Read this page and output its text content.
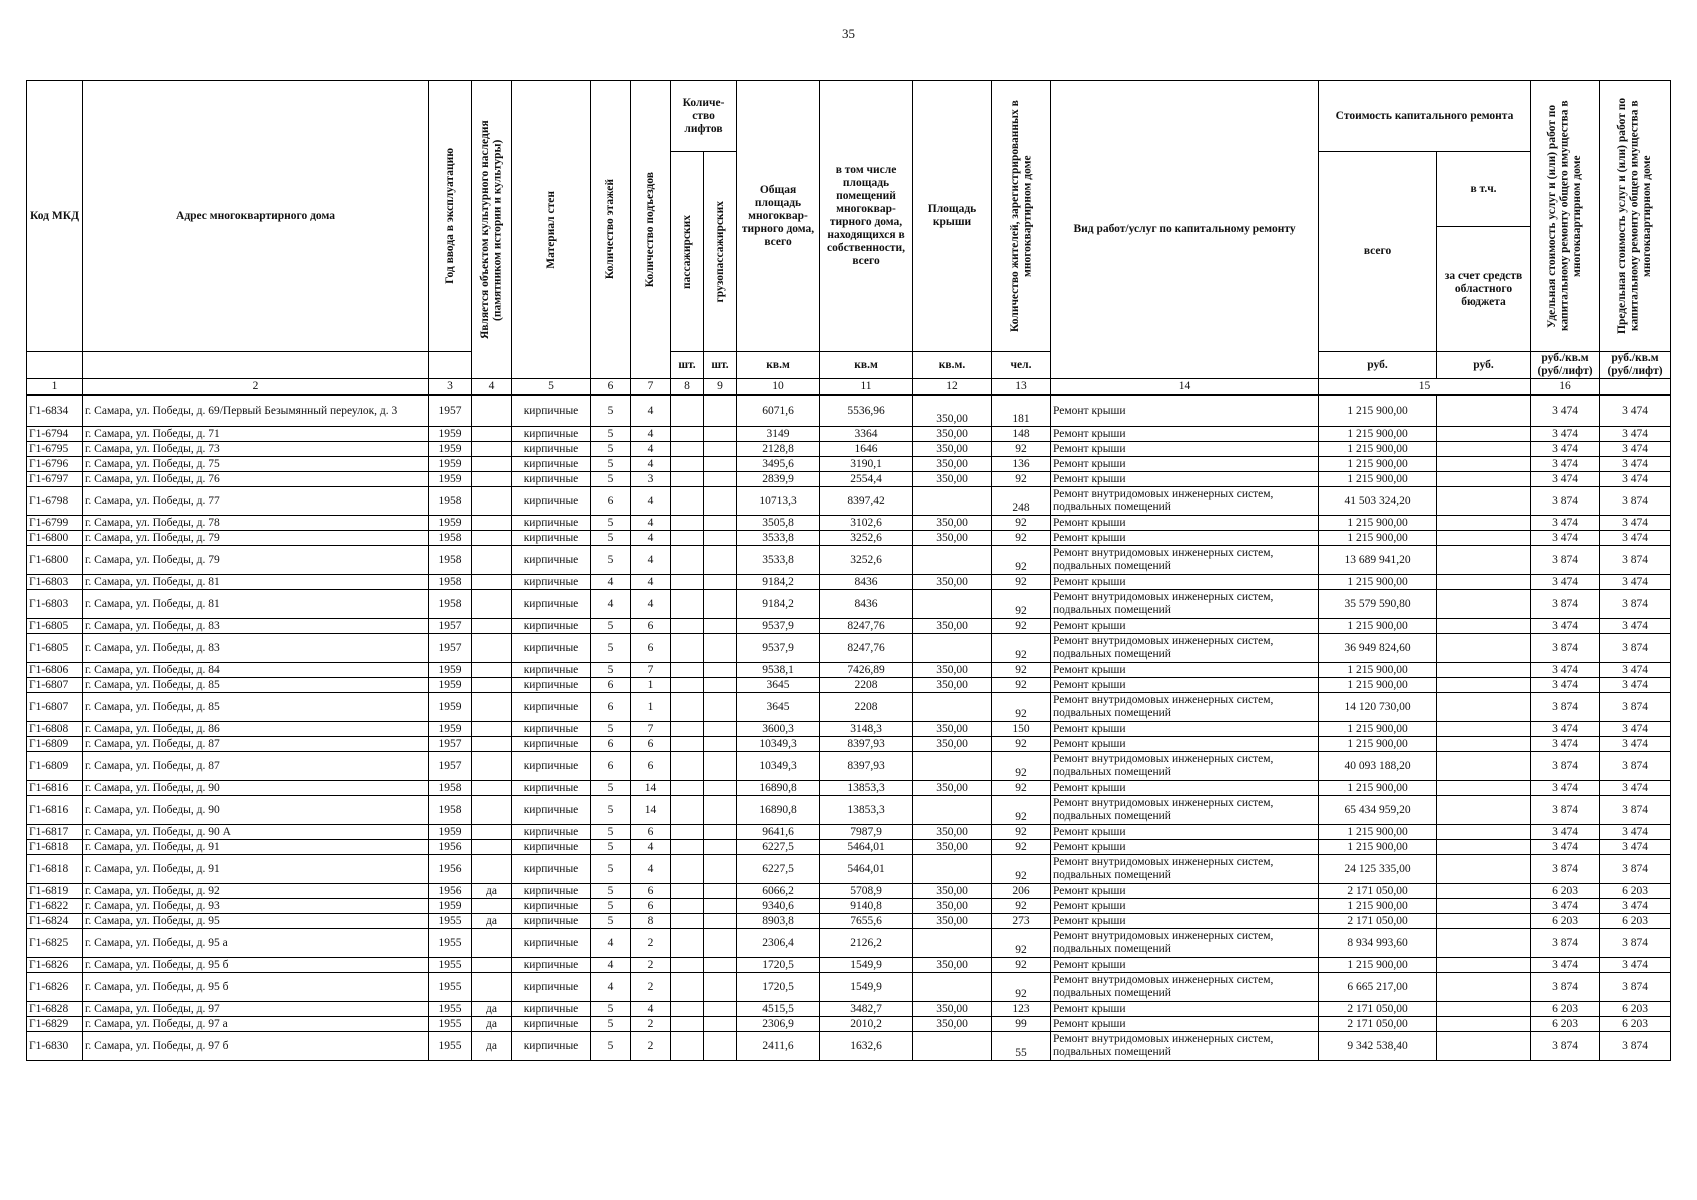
35
Код МКД	Адрес многоквартирного дома	Год ввода в эксплуатацию	Является объектом культурного наследия (памятником истории и культуры)	Материал стен	Количество этажей	Количество подъездов	Количе-ство лифтов		Общая площадь многоквар-тирного дома, всего	в том числе площадь помещений многоквар-тирного дома, находящихся в собственности, всего	Площадь крыши	Количество жителей, зарегистрированных в многоквартирном доме	Вид работ/услуг по капитальному ремонту	Стоимость капитального ремонта		Удельная стоимость услуг и (или) работ по капитальному ремонту общего имущества в многоквартирном доме	Предельная стоимость услуг и (или) работ по капитальному ремонту общего имущества в многоквартирном доме

							пассажирских	грузопассажирских						всего	в т.ч.		
															за счет средств областного бюджета		
							шт.	шт.	кв.м	кв.м	кв.м.	чел.		руб.	руб.	руб./кв.м (руб/лифт)	руб./кв.м (руб/лифт)
1	2	3	4	5	6	7	8	9	10	11	12	13	14	15		16	
Г1-6834	г. Самара, ул. Победы, д. 69/Первый Безымянный переулок, д. 3	1957		кирпичные	5	4			6071,6	5536,96	350,00	181	Ремонт крыши	1 215 900,00		3 474	3 474
Г1-6794	г. Самара, ул. Победы, д. 71	1959		кирпичные	5	4			3149	3364	350,00	148	Ремонт крыши	1 215 900,00		3 474	3 474
Г1-6795	г. Самара, ул. Победы, д. 73	1959		кирпичные	5	4			2128,8	1646	350,00	92	Ремонт крыши	1 215 900,00		3 474	3 474
Г1-6796	г. Самара, ул. Победы, д. 75	1959		кирпичные	5	4			3495,6	3190,1	350,00	136	Ремонт крыши	1 215 900,00		3 474	3 474
Г1-6797	г. Самара, ул. Победы, д. 76	1959		кирпичные	5	3			2839,9	2554,4	350,00	92	Ремонт крыши	1 215 900,00		3 474	3 474
Г1-6798	г. Самара, ул. Победы, д. 77	1958		кирпичные	6	4			10713,3	8397,42		248	Ремонт внутридомовых инженерных систем, подвальных помещений	41 503 324,20		3 874	3 874
Г1-6799	г. Самара, ул. Победы, д. 78	1959		кирпичные	5	4			3505,8	3102,6	350,00	92	Ремонт крыши	1 215 900,00		3 474	3 474
Г1-6800	г. Самара, ул. Победы, д. 79	1958		кирпичные	5	4			3533,8	3252,6	350,00	92	Ремонт крыши	1 215 900,00		3 474	3 474
Г1-6800	г. Самара, ул. Победы, д. 79	1958		кирпичные	5	4			3533,8	3252,6		92	Ремонт внутридомовых инженерных систем, подвальных помещений	13 689 941,20		3 874	3 874
Г1-6803	г. Самара, ул. Победы, д. 81	1958		кирпичные	4	4			9184,2	8436	350,00	92	Ремонт крыши	1 215 900,00		3 474	3 474
Г1-6803	г. Самара, ул. Победы, д. 81	1958		кирпичные	4	4			9184,2	8436		92	Ремонт внутридомовых инженерных систем, подвальных помещений	35 579 590,80		3 874	3 874
Г1-6805	г. Самара, ул. Победы, д. 83	1957		кирпичные	5	6			9537,9	8247,76	350,00	92	Ремонт крыши	1 215 900,00		3 474	3 474
Г1-6805	г. Самара, ул. Победы, д. 83	1957		кирпичные	5	6			9537,9	8247,76		92	Ремонт внутридомовых инженерных систем, подвальных помещений	36 949 824,60		3 874	3 874
Г1-6806	г. Самара, ул. Победы, д. 84	1959		кирпичные	5	7			9538,1	7426,89	350,00	92	Ремонт крыши	1 215 900,00		3 474	3 474
Г1-6807	г. Самара, ул. Победы, д. 85	1959		кирпичные	6	1			3645	2208	350,00	92	Ремонт крыши	1 215 900,00		3 474	3 474
Г1-6807	г. Самара, ул. Победы, д. 85	1959		кирпичные	6	1			3645	2208		92	Ремонт внутридомовых инженерных систем, подвальных помещений	14 120 730,00		3 874	3 874
Г1-6808	г. Самара, ул. Победы, д. 86	1959		кирпичные	5	7			3600,3	3148,3	350,00	150	Ремонт крыши	1 215 900,00		3 474	3 474
Г1-6809	г. Самара, ул. Победы, д. 87	1957		кирпичные	6	6			10349,3	8397,93	350,00	92	Ремонт крыши	1 215 900,00		3 474	3 474
Г1-6809	г. Самара, ул. Победы, д. 87	1957		кирпичные	6	6			10349,3	8397,93		92	Ремонт внутридомовых инженерных систем, подвальных помещений	40 093 188,20		3 874	3 874
Г1-6816	г. Самара, ул. Победы, д. 90	1958		кирпичные	5	14			16890,8	13853,3	350,00	92	Ремонт крыши	1 215 900,00		3 474	3 474
Г1-6816	г. Самара, ул. Победы, д. 90	1958		кирпичные	5	14			16890,8	13853,3		92	Ремонт внутридомовых инженерных систем, подвальных помещений	65 434 959,20		3 874	3 874
Г1-6817	г. Самара, ул. Победы, д. 90 А	1959		кирпичные	5	6			9641,6	7987,9	350,00	92	Ремонт крыши	1 215 900,00		3 474	3 474
Г1-6818	г. Самара, ул. Победы, д. 91	1956		кирпичные	5	4			6227,5	5464,01	350,00	92	Ремонт крыши	1 215 900,00		3 474	3 474
Г1-6818	г. Самара, ул. Победы, д. 91	1956		кирпичные	5	4			6227,5	5464,01		92	Ремонт внутридомовых инженерных систем, подвальных помещений	24 125 335,00		3 874	3 874
Г1-6819	г. Самара, ул. Победы, д. 92	1956	да	кирпичные	5	6			6066,2	5708,9	350,00	206	Ремонт крыши	2 171 050,00		6 203	6 203
Г1-6822	г. Самара, ул. Победы, д. 93	1959		кирпичные	5	6			9340,6	9140,8	350,00	92	Ремонт крыши	1 215 900,00		3 474	3 474
Г1-6824	г. Самара, ул. Победы, д. 95	1955	да	кирпичные	5	8			8903,8	7655,6	350,00	273	Ремонт крыши	2 171 050,00		6 203	6 203
Г1-6825	г. Самара, ул. Победы, д. 95 а	1955		кирпичные	4	2			2306,4	2126,2		92	Ремонт внутридомовых инженерных систем, подвальных помещений	8 934 993,60		3 874	3 874
Г1-6826	г. Самара, ул. Победы, д. 95 б	1955		кирпичные	4	2			1720,5	1549,9	350,00	92	Ремонт крыши	1 215 900,00		3 474	3 474
Г1-6826	г. Самара, ул. Победы, д. 95 б	1955		кирпичные	4	2			1720,5	1549,9		92	Ремонт внутридомовых инженерных систем, подвальных помещений	6 665 217,00		3 874	3 874
Г1-6828	г. Самара, ул. Победы, д. 97	1955	да	кирпичные	5	4			4515,5	3482,7	350,00	123	Ремонт крыши	2 171 050,00		6 203	6 203
Г1-6829	г. Самара, ул. Победы, д. 97 а	1955	да	кирпичные	5	2			2306,9	2010,2	350,00	99	Ремонт крыши	2 171 050,00		6 203	6 203
Г1-6830	г. Самара, ул. Победы, д. 97 б	1955	да	кирпичные	5	2			2411,6	1632,6		55	Ремонт внутридомовых инженерных систем, подвальных помещений	9 342 538,40		3 874	3 874
